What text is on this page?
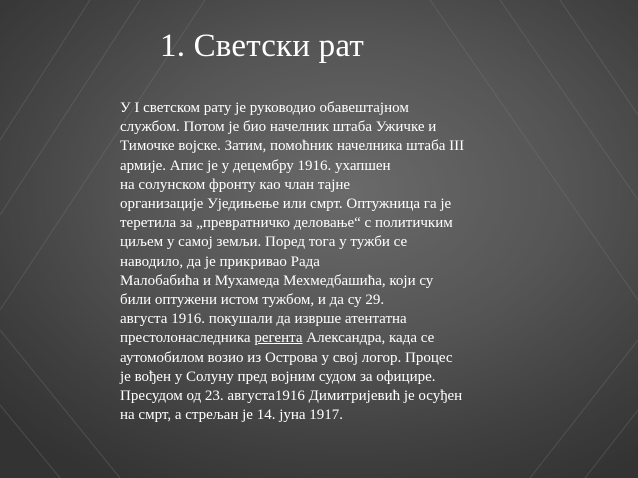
1. Светски рат
У I светском рату је руководио обавештајном
службом. Потом је био начелник штаба Ужичке и
Тимочке војске. Затим, помоћник начелника штаба III
армије. Апис је у децембру 1916. ухапшен
на солунском фронту као члан тајне
организације Уједињење или смрт. Оптужница га је
теретила за „превратничко деловање“ с политичким
циљем у самој земљи. Поред тога у тужби се
наводило, да је прикривао Рада
Малобабића и Мухамеда Мехмедбашића, који су
били оптужени истом тужбом, и да су 29.
августа 1916. покушали да изврше атентатна
престолонаследника регента Александра, када се
аутомобилом возио из Острова у свој логор. Процес
је вођен у Солуну пред војним судом за официре.
Пресудом од 23. августа1916 Димитријевић је осуђен
на смрт, а стрељан је 14. јуна 1917.
